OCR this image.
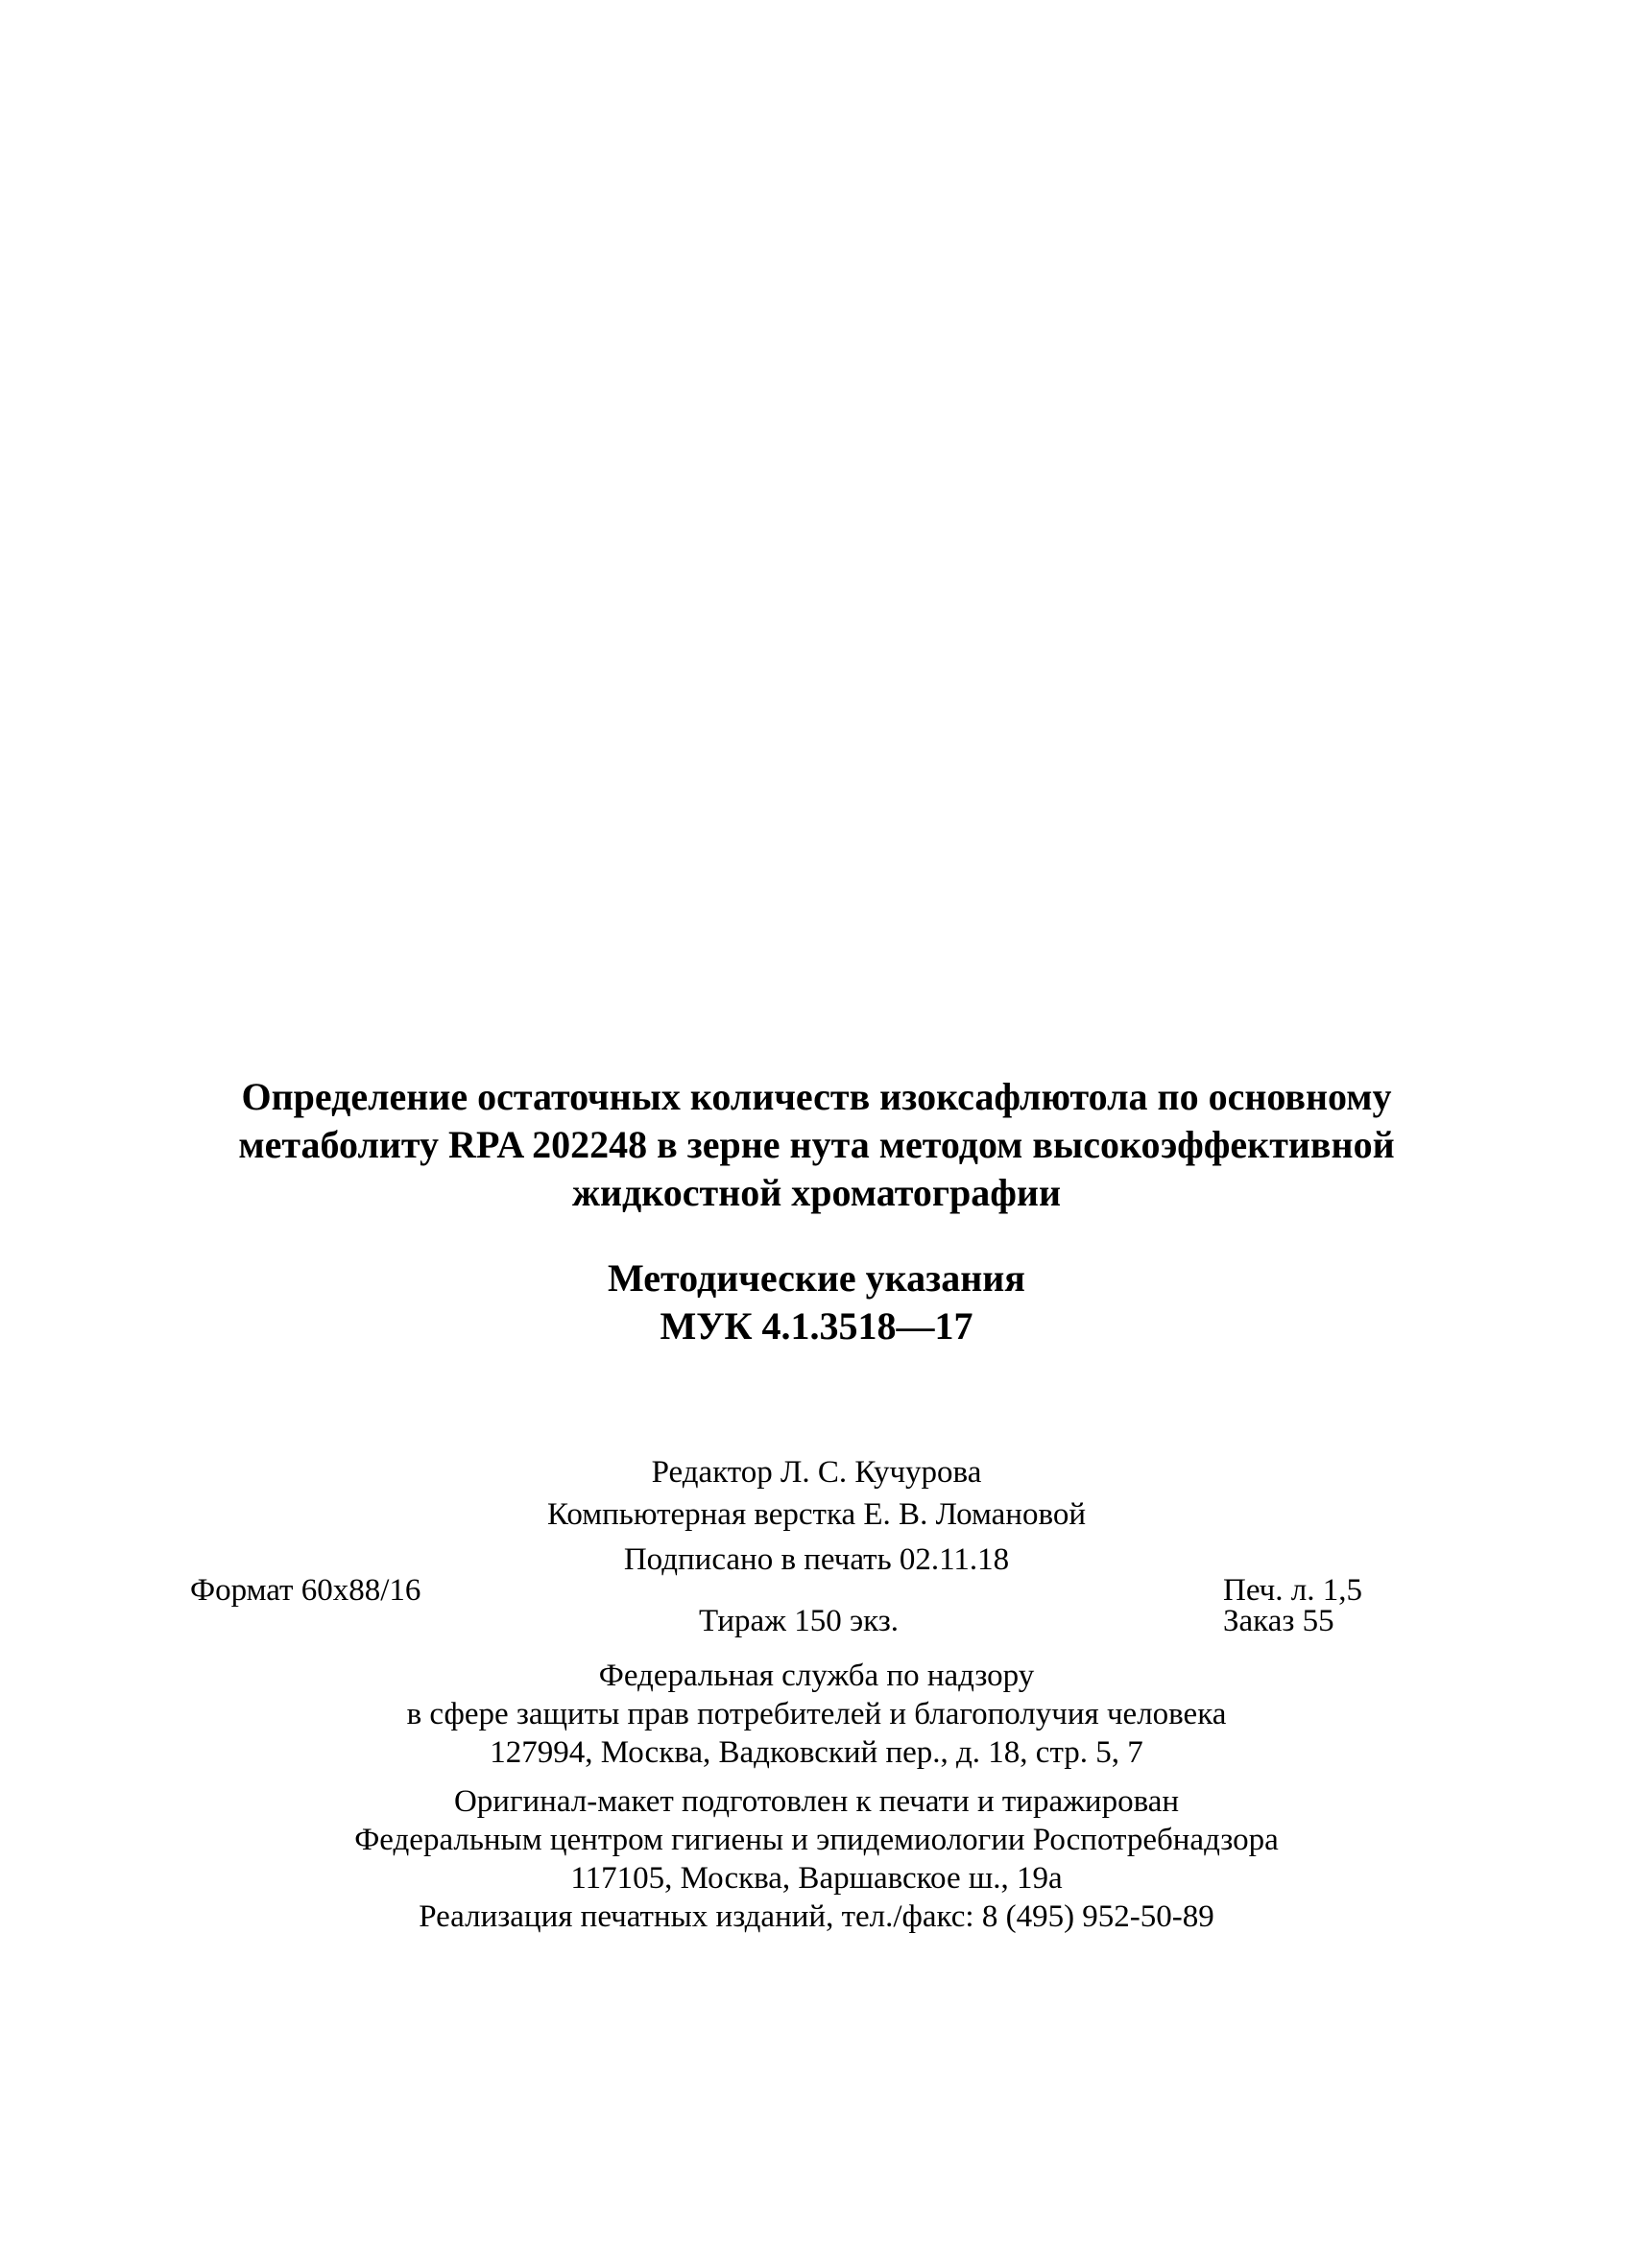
Определение остаточных количеств изоксафлютола по основному
метаболиту RPA 202248 в зерне нута методом высокоэффективной
жидкостной хроматографии
Методические указания
МУК 4.1.3518—17
Редактор Л. С. Кучурова
Компьютерная верстка Е. В. Ломановой
Подписано в печать 02.11.18
Формат 60x88/16	Печ. л. 1,5
Тираж 150 экз.	Заказ 55
Федеральная служба по надзору
в сфере защиты прав потребителей и благополучия человека
127994, Москва, Вадковский пер., д. 18, стр. 5, 7
Оригинал-макет подготовлен к печати и тиражирован
Федеральным центром гигиены и эпидемиологии Роспотребнадзора
117105, Москва, Варшавское ш., 19а
Реализация печатных изданий, тел./факс: 8 (495) 952-50-89
